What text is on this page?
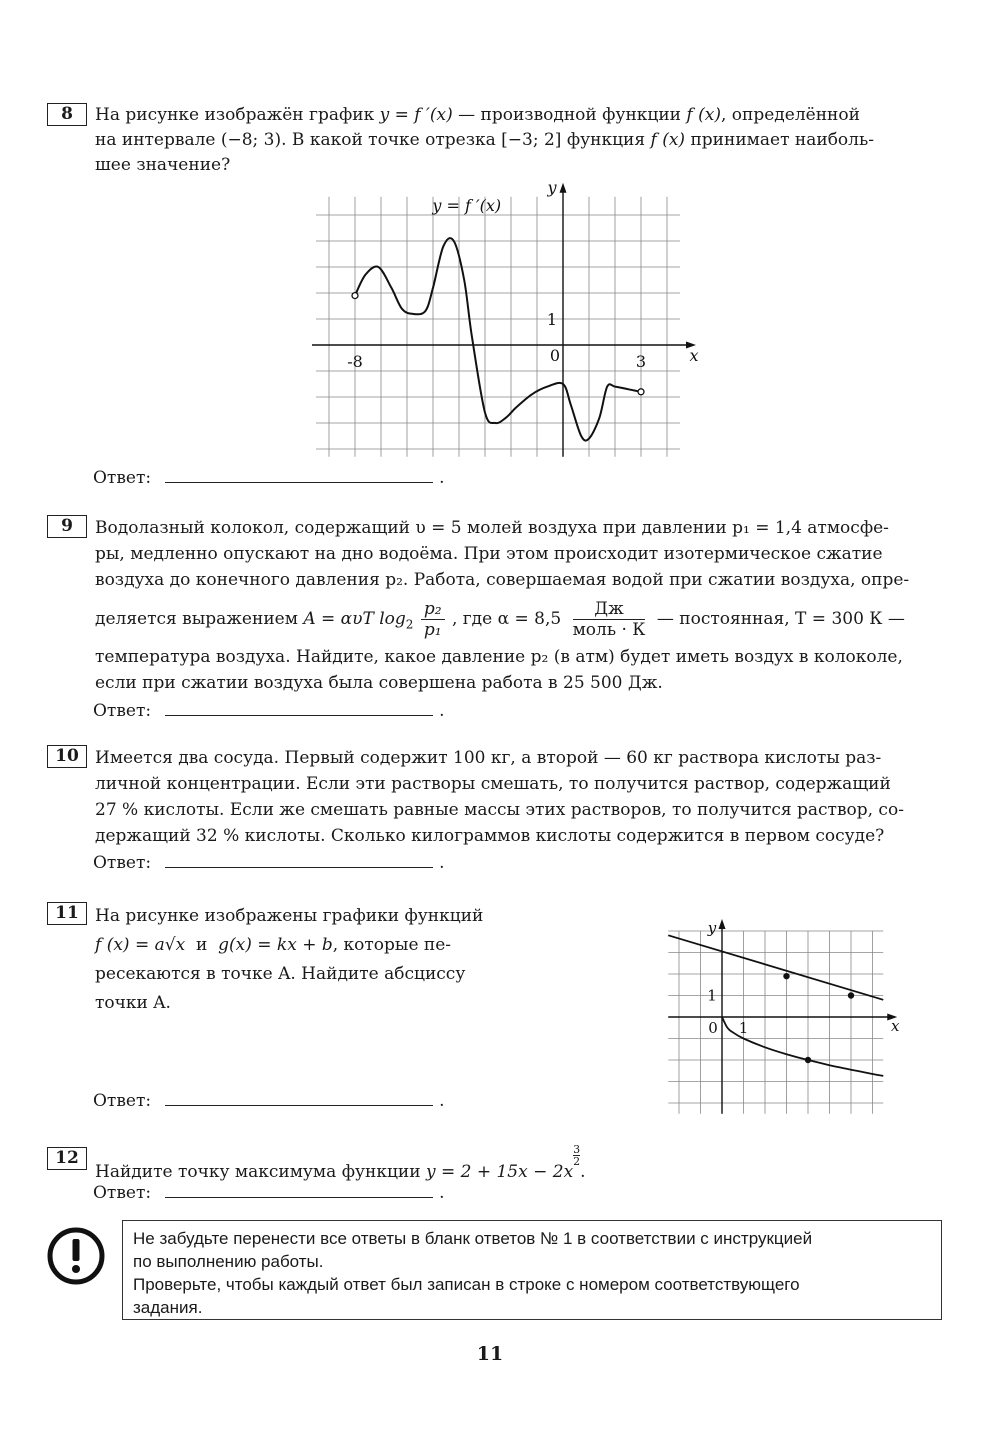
8	На рисунке изображён график y = f ′(x) — производной функции f (x), определённой
на интервале (−8; 3). В какой точке отрезка [−3; 2] функция f (x) принимает наиболь-
шее значение?
-8	0	3
1
x
y
y = f ′(x)
Ответ:	.
9	Водолазный колокол, содержащий υ = 5 молей воздуха при давлении p₁ = 1,4 атмосфе-
ры, медленно опускают на дно водоёма. При этом происходит изотермическое сжатие
воздуха до конечного давления p₂. Работа, совершаемая водой при сжатии воздуха, опре-
деляется выражением A = αυT $\log_2 \frac{\text{p₂}}{\text{p₁}}$ , где $\alpha = 8,5 \frac{Дж}{\text{моль · К}}$ — постоянная, T = 300 К —
температура воздуха. Найдите, какое давление p₂ (в атм) будет иметь воздух в колоколе,
если при сжатии воздуха была совершена работа в 25 500 Дж.
Ответ:	.
10 Имеется два сосуда. Первый содержит 100 кг, а второй — 60 кг раствора кислоты раз-
личной концентрации. Если эти растворы смешать, то получится раствор, содержащий
27 % кислоты. Если же смешать равные массы этих растворов, то получится раствор, со-
держащий 32 % кислоты. Сколько килограммов кислоты содержится в первом сосуде?
Ответ:	.
11 На рисунке изображены графики функций
f (x) = a√x и g(x) = kx + b, которые пе-
ресекаются в точке A. Найдите абсциссу
точки A.
0 1
1
x
y
Ответ:	.
12
Найдите точку максимума функции y = 2 + 15x − 2x
$\frac{3}{2}$
.
Ответ:	.
Не забудьте перенести все ответы в бланк ответов № 1 в соответствии с инструкцией
по выполнению работы.
Проверьте, чтобы каждый ответ был записан в строке с номером соответствующего
задания.
11
